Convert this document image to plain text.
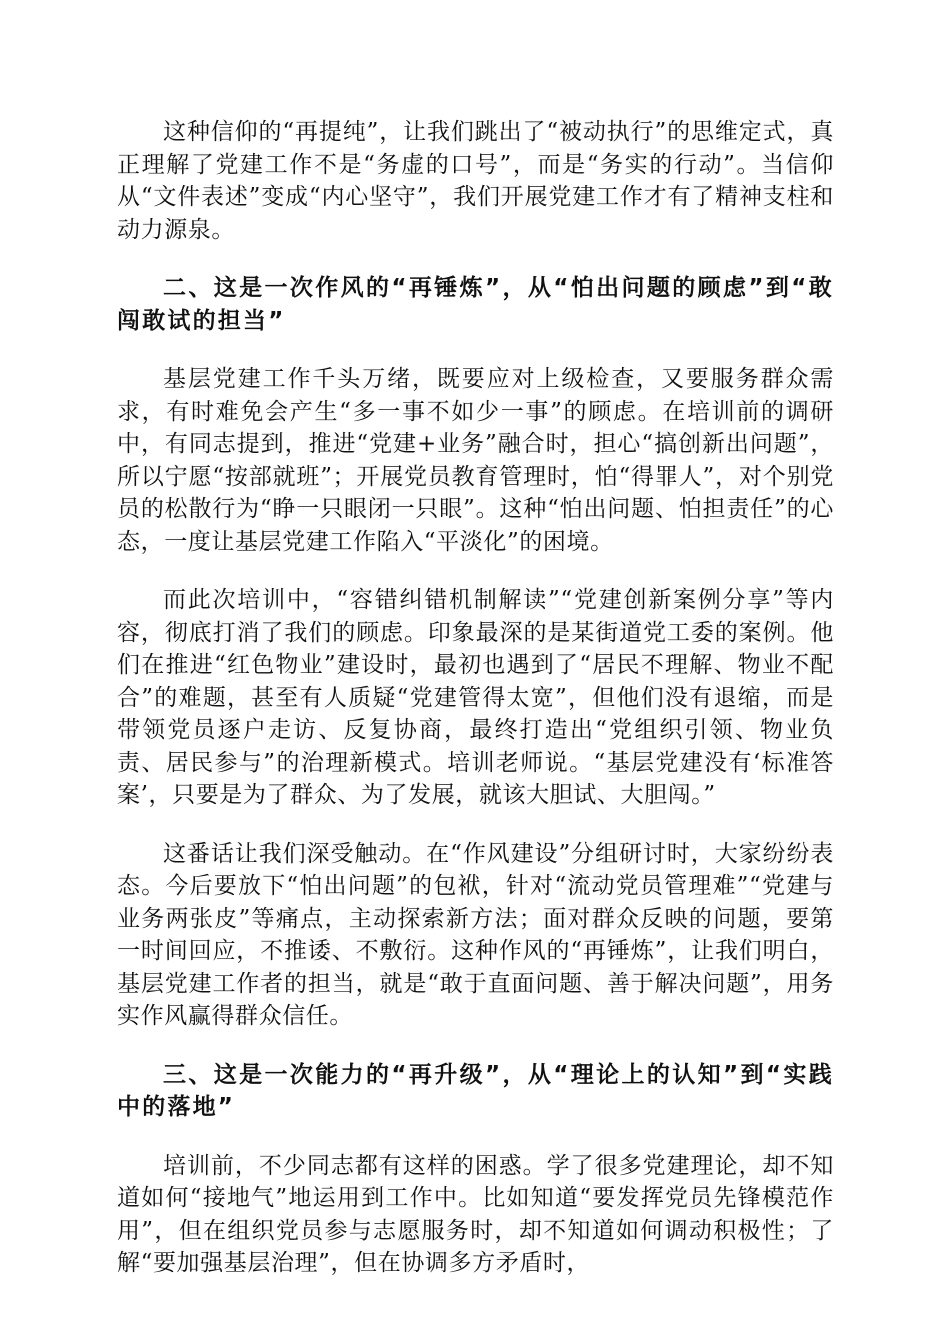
这种信仰的“再提纯”，让我们跳出了“被动执行”的思维定式，真正理解了党建工作不是“务虚的口号”，而是“务实的行动”。当信仰从“文件表述”变成“内心坚守”，我们开展党建工作才有了精神支柱和动力源泉。

二、这是一次作风的“再锤炼”，从“怕出问题的顾虑”到“敢闯敢试的担当”

基层党建工作千头万绪，既要应对上级检查，又要服务群众需求，有时难免会产生“多一事不如少一事”的顾虑。在培训前的调研中，有同志提到，推进“党建+业务”融合时，担心“搞创新出问题”，所以宁愿“按部就班”；开展党员教育管理时，怕“得罪人”，对个别党员的松散行为“睁一只眼闭一只眼”。这种“怕出问题、怕担责任”的心态，一度让基层党建工作陷入“平淡化”的困境。

而此次培训中，“容错纠错机制解读”“党建创新案例分享”等内容，彻底打消了我们的顾虑。印象最深的是某街道党工委的案例。他们在推进“红色物业”建设时，最初也遇到了“居民不理解、物业不配合”的难题，甚至有人质疑“党建管得太宽”，但他们没有退缩，而是带领党员逐户走访、反复协商，最终打造出“党组织引领、物业负责、居民参与”的治理新模式。培训老师说。“基层党建没有‘标准答案’，只要是为了群众、为了发展，就该大胆试、大胆闯。”

这番话让我们深受触动。在“作风建设”分组研讨时，大家纷纷表态。今后要放下“怕出问题”的包袱，针对“流动党员管理难”“党建与业务两张皮”等痛点，主动探索新方法；面对群众反映的问题，要第一时间回应，不推诿、不敷衍。这种作风的“再锤炼”，让我们明白，基层党建工作者的担当，就是“敢于直面问题、善于解决问题”，用务实作风赢得群众信任。

三、这是一次能力的“再升级”，从“理论上的认知”到“实践中的落地”

培训前，不少同志都有这样的困惑。学了很多党建理论，却不知道如何“接地气”地运用到工作中。比如知道“要发挥党员先锋模范作用”，但在组织党员参与志愿服务时，却不知道如何调动积极性；了解“要加强基层治理”，但在协调多方矛盾时，
